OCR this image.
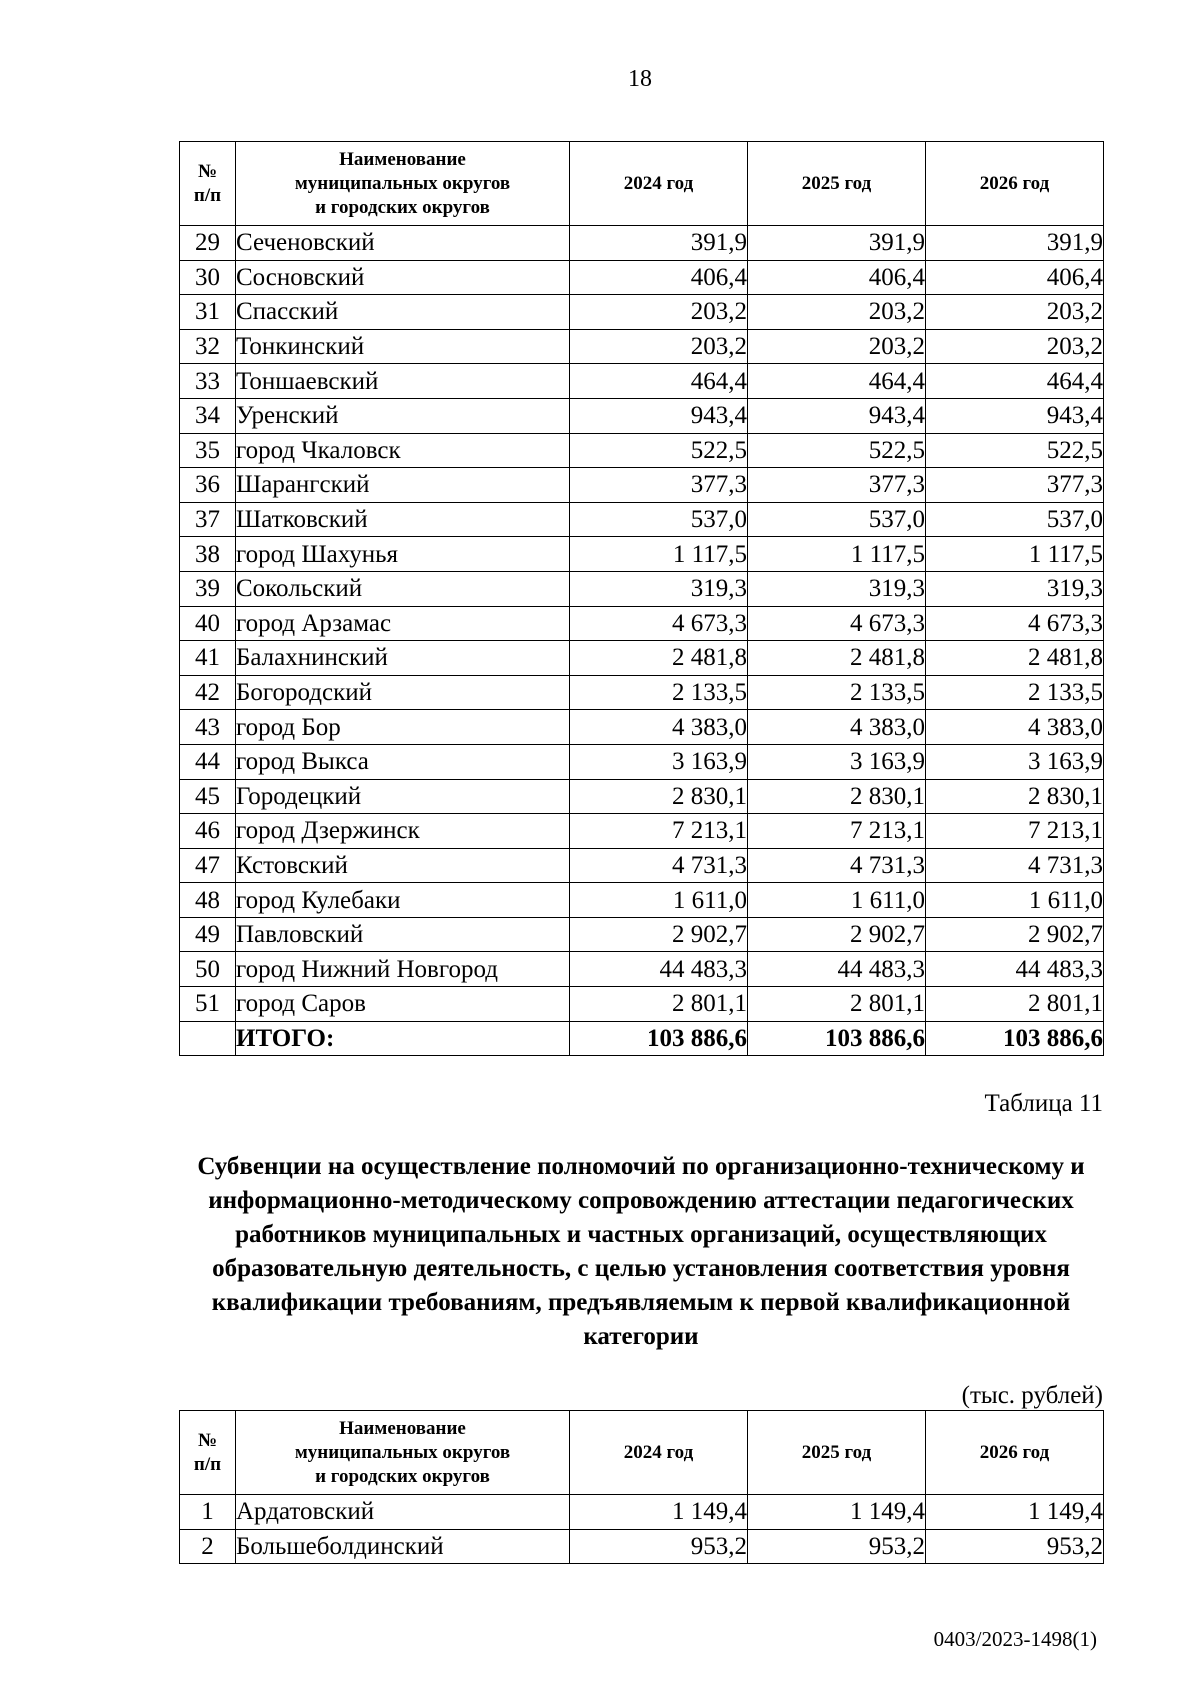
18
№
п/п	Наименование
муниципальных округов
и городских округов	2024 год	2025 год	2026 год
29	Сеченовский	391,9	391,9	391,9
30	Сосновский	406,4	406,4	406,4
31	Спасский	203,2	203,2	203,2
32	Тонкинский	203,2	203,2	203,2
33	Тоншаевский	464,4	464,4	464,4
34	Уренский	943,4	943,4	943,4
35	город Чкаловск	522,5	522,5	522,5
36	Шарангский	377,3	377,3	377,3
37	Шатковский	537,0	537,0	537,0
38	город Шахунья	1 117,5	1 117,5	1 117,5
39	Сокольский	319,3	319,3	319,3
40	город Арзамас	4 673,3	4 673,3	4 673,3
41	Балахнинский	2 481,8	2 481,8	2 481,8
42	Богородский	2 133,5	2 133,5	2 133,5
43	город Бор	4 383,0	4 383,0	4 383,0
44	город Выкса	3 163,9	3 163,9	3 163,9
45	Городецкий	2 830,1	2 830,1	2 830,1
46	город Дзержинск	7 213,1	7 213,1	7 213,1
47	Кстовский	4 731,3	4 731,3	4 731,3
48	город Кулебаки	1 611,0	1 611,0	1 611,0
49	Павловский	2 902,7	2 902,7	2 902,7
50	город Нижний Новгород	44 483,3	44 483,3	44 483,3
51	город Саров	2 801,1	2 801,1	2 801,1
	ИТОГО:	103 886,6	103 886,6	103 886,6
Таблица 11
Субвенции на осуществление полномочий по организационно-техническому и информационно-методическому сопровождению аттестации педагогических работников муниципальных и частных организаций, осуществляющих образовательную деятельность, с целью установления соответствия уровня квалификации требованиям, предъявляемым к первой квалификационной категории
(тыс. рублей)
№
п/п	Наименование
муниципальных округов
и городских округов	2024 год	2025 год	2026 год
1	Ардатовский	1 149,4	1 149,4	1 149,4
2	Большеболдинский	953,2	953,2	953,2
0403/2023-1498(1)
